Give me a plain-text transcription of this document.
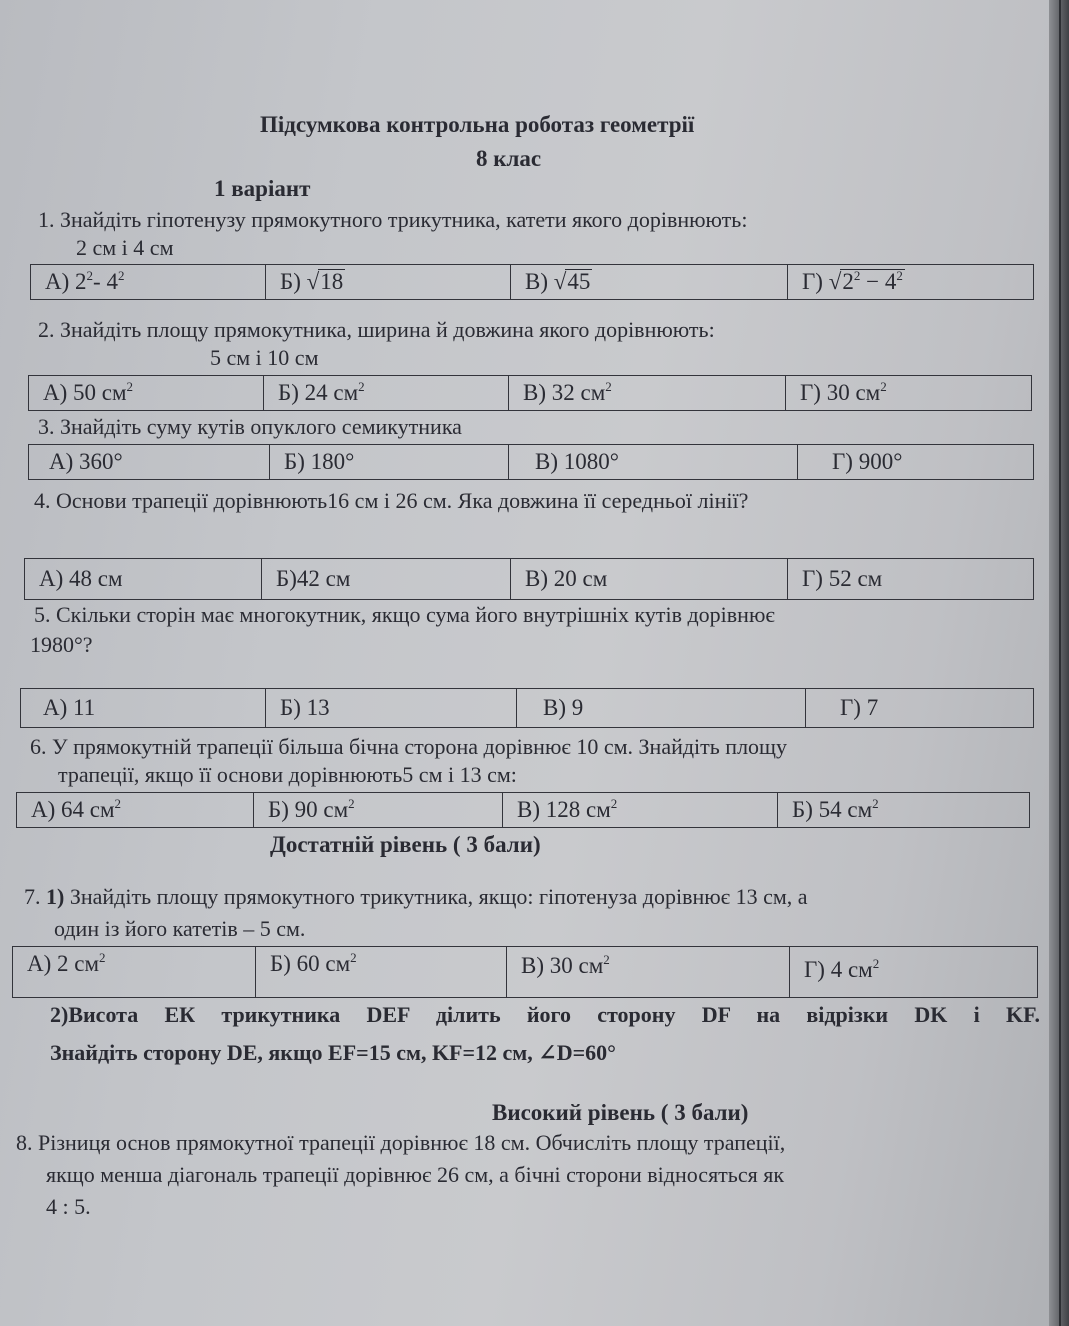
Підсумкова контрольна роботаз геометрії
8 клас
1 варіант
1. Знайдіть гіпотенузу прямокутного трикутника, катети якого дорівнюють:
2 см і 4 см
А) $2^2-$ $4^2$	Б) √18	В) √45	Г) $√2^2 - 4^2$
2. Знайдіть площу прямокутника, ширина й довжина якого дорівнюють:
5 см і 10 см
А) 50 $см^2$	Б) 24 $см^2$	В) 32 $см^2$	Г) 30 $см^2$
3. Знайдіть суму кутів опуклого семикутника
А) 360°	Б) 180°	В) 1080°	Г) 900°
4. Основи трапеції дорівнюють16 см і 26 см. Яка довжина її середньої лінії?
А) 48 см	Б)42 см	В) 20 см	Г) 52 см
5. Скільки сторін має многокутник, якщо сума його внутрішніх кутів дорівнює
1980°?
А) 11	Б) 13	В) 9	Г) 7
6. У прямокутній трапеції більша бічна сторона дорівнює 10 см. Знайдіть площу
трапеції, якщо її основи дорівнюють5 см і 13 см:
А) 64 $см^2$	Б) 90 $см^2$	В) 128 $см^2$	Б) 54 $см^2$
Достатній рівень ( 3 бали)
7. 1) Знайдіть площу прямокутного трикутника, якщо: гіпотенуза дорівнює 13 см, а
один із його катетів – 5 см.
А) 2 $см^2$	Б) 60 $см^2$	В) 30 $см^2$	Г) 4 $см^2$
2)Висота ЕК трикутника DEF ділить його сторону DF на відрізки DK і KF.
Знайдіть сторону DE, якщо EF=15 см, KF=12 см, ∠D=60°
Високий рівень ( 3 бали)
8. Різниця основ прямокутної трапеції дорівнює 18 см. Обчисліть площу трапеції,
якщо менша діагональ трапеції дорівнює 26 см, а бічні сторони відносяться як
4 : 5.
